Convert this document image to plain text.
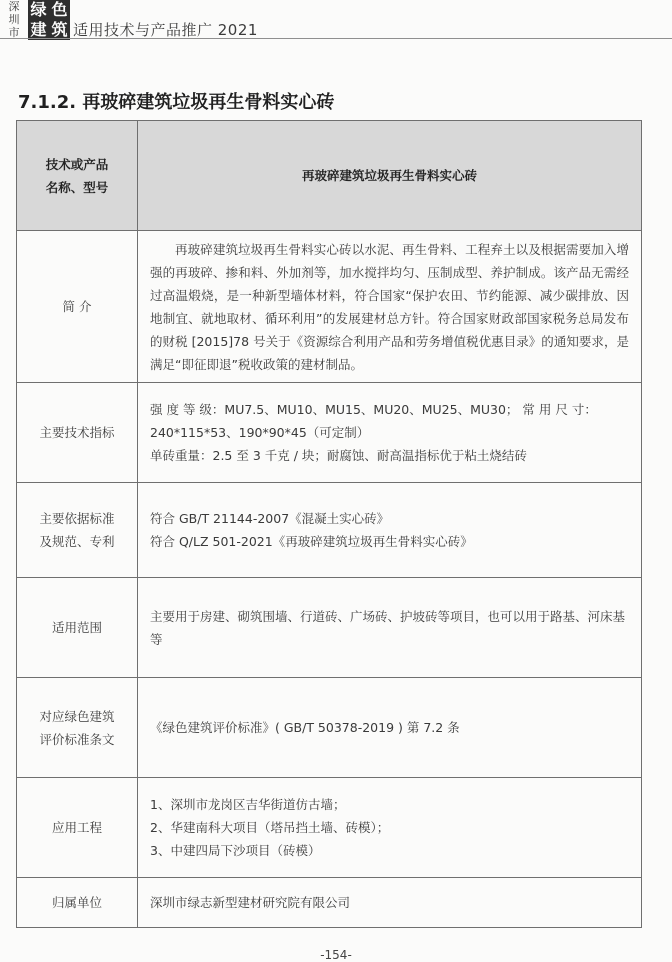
深
圳
市
绿 色
建 筑 适用技术与产品推广 2021
7.1.2. 再玻碎建筑垃圾再生骨料实心砖
技术或产品
名称、型号	再玻碎建筑垃圾再生骨料实心砖
简 介	再玻碎建筑垃圾再生骨料实心砖以水泥、再生骨料、工程弃土以及根据需要加入增强的再玻碎、掺和料、外加剂等，加水搅拌均匀、压制成型、养护制成。该产品无需经过高温煅烧，是一种新型墙体材料，符合国家“保护农田、节约能源、减少碳排放、因地制宜、就地取材、循环利用”的发展建材总方针。符合国家财政部国家税务总局发布的财税 [2015]78 号关于《资源综合利用产品和劳务增值税优惠目录》的通知要求，是满足“即征即退”税收政策的建材制品。

主要技术指标	强 度 等 级：MU7.5、MU10、MU15、MU20、MU25、MU30； 常 用 尺 寸：
240*115*53、190*90*45（可定制）
单砖重量：2.5 至 3 千克 / 块；耐腐蚀、耐高温指标优于粘土烧结砖

主要依据标准
及规范、专利	符合 GB/T 21144-2007《混凝土实心砖》
符合 Q/LZ 501-2021《再玻碎建筑垃圾再生骨料实心砖》

适用范围	主要用于房建、砌筑围墙、行道砖、广场砖、护坡砖等项目，也可以用于路基、河床基等

对应绿色建筑
评价标准条文	《绿色建筑评价标准》( GB/T 50378-2019 ) 第 7.2 条
应用工程	1、深圳市龙岗区吉华街道仿古墙；
2、华建南科大项目（塔吊挡土墙、砖模）；
3、中建四局下沙项目（砖模）

归属单位	深圳市绿志新型建材研究院有限公司
-154-
